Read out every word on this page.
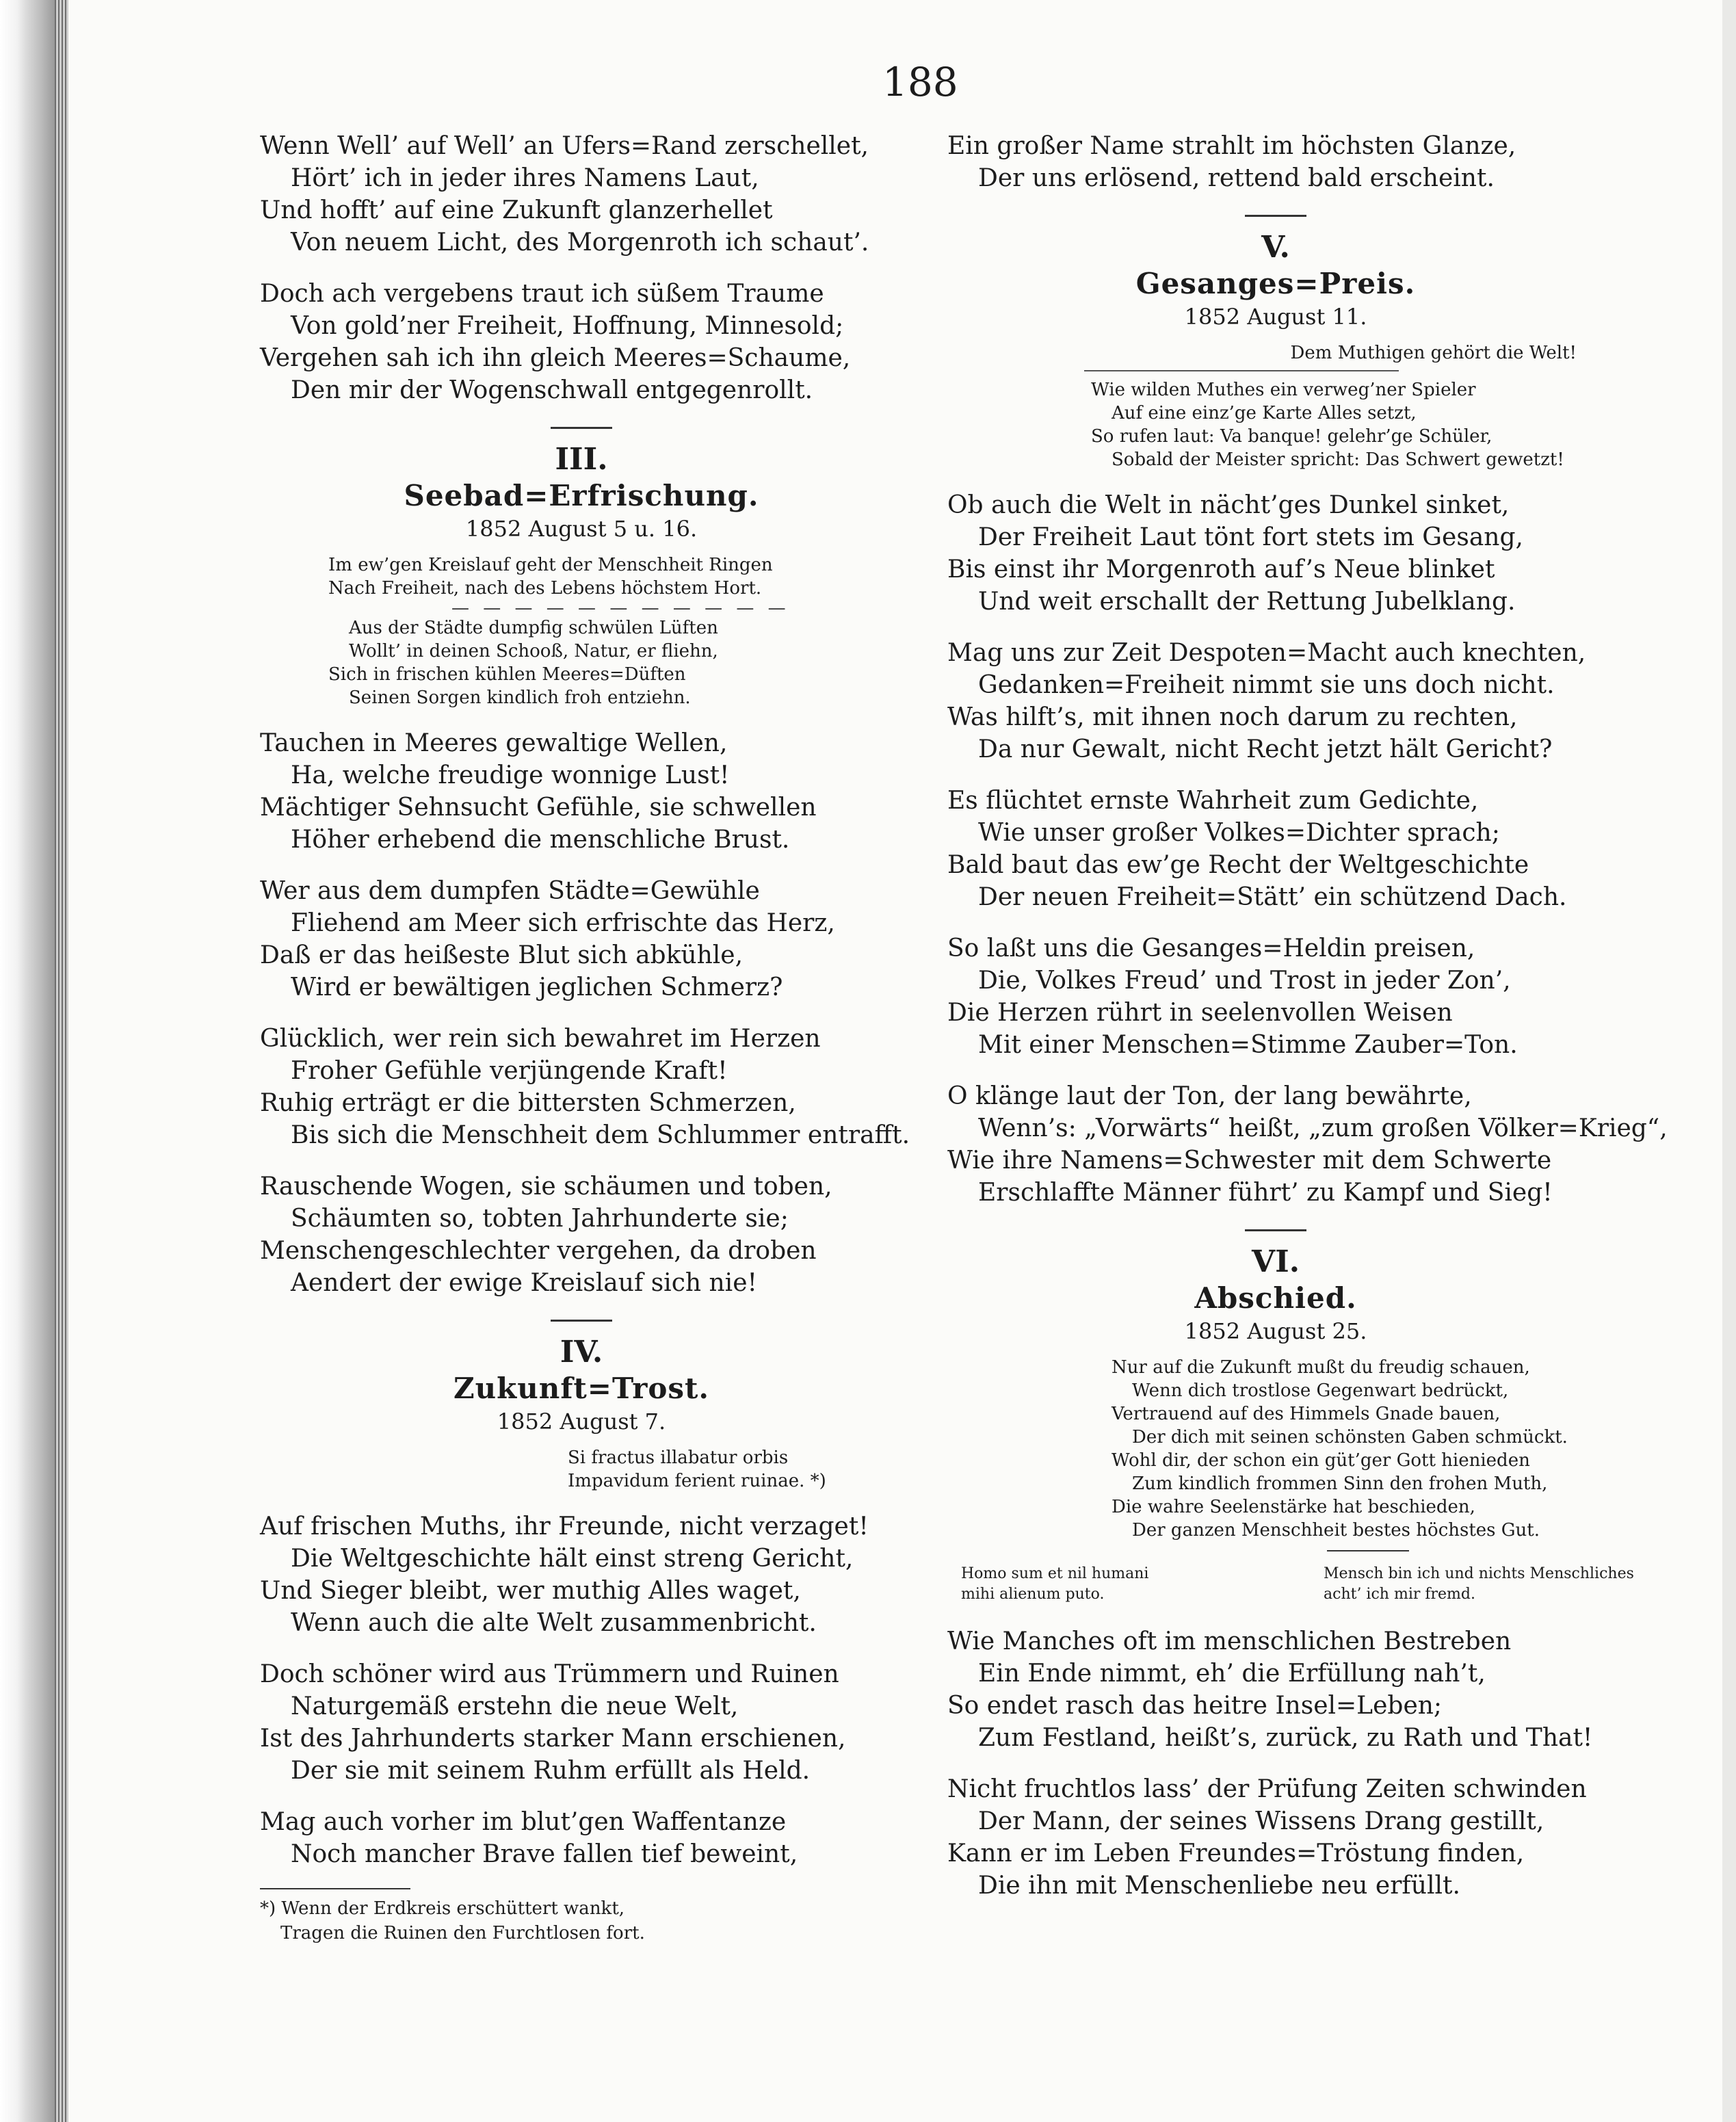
188
Wenn Well’ auf Well’ an Ufers=Rand zerschellet,
Hört’ ich in jeder ihres Namens Laut,
Und hofft’ auf eine Zukunft glanzerhellet
Von neuem Licht, des Morgenroth ich schaut’.
Doch ach vergebens traut ich süßem Traume
Von gold’ner Freiheit, Hoffnung, Minnesold;
Vergehen sah ich ihn gleich Meeres=Schaume,
Den mir der Wogenschwall entgegenrollt.
III.
Seebad=Erfrischung.
1852 August 5 u. 16.
Im ew’gen Kreislauf geht der Menschheit Ringen
Nach Freiheit, nach des Lebens höchstem Hort.
— — — — — — — — — — —
Aus der Städte dumpfig schwülen Lüften
Wollt’ in deinen Schooß, Natur, er fliehn,
Sich in frischen kühlen Meeres=Düften
Seinen Sorgen kindlich froh entziehn.
Tauchen in Meeres gewaltige Wellen,
Ha, welche freudige wonnige Lust!
Mächtiger Sehnsucht Gefühle, sie schwellen
Höher erhebend die menschliche Brust.
Wer aus dem dumpfen Städte=Gewühle
Fliehend am Meer sich erfrischte das Herz,
Daß er das heißeste Blut sich abkühle,
Wird er bewältigen jeglichen Schmerz?
Glücklich, wer rein sich bewahret im Herzen
Froher Gefühle verjüngende Kraft!
Ruhig erträgt er die bittersten Schmerzen,
Bis sich die Menschheit dem Schlummer entrafft.
Rauschende Wogen, sie schäumen und toben,
Schäumten so, tobten Jahrhunderte sie;
Menschengeschlechter vergehen, da droben
Aendert der ewige Kreislauf sich nie!
IV.
Zukunft=Trost.
1852 August 7.
Si fractus illabatur orbis
Impavidum ferient ruinae. *)
Auf frischen Muths, ihr Freunde, nicht verzaget!
Die Weltgeschichte hält einst streng Gericht,
Und Sieger bleibt, wer muthig Alles waget,
Wenn auch die alte Welt zusammenbricht.
Doch schöner wird aus Trümmern und Ruinen
Naturgemäß erstehn die neue Welt,
Ist des Jahrhunderts starker Mann erschienen,
Der sie mit seinem Ruhm erfüllt als Held.
Mag auch vorher im blut’gen Waffentanze
Noch mancher Brave fallen tief beweint,
*) Wenn der Erdkreis erschüttert wankt,
Tragen die Ruinen den Furchtlosen fort.
Ein großer Name strahlt im höchsten Glanze,
Der uns erlösend, rettend bald erscheint.
V.
Gesanges=Preis.
1852 August 11.
Dem Muthigen gehört die Welt!
Wie wilden Muthes ein verweg’ner Spieler
Auf eine einz’ge Karte Alles setzt,
So rufen laut: Va banque! gelehr’ge Schüler,
Sobald der Meister spricht: Das Schwert gewetzt!
Ob auch die Welt in nächt’ges Dunkel sinket,
Der Freiheit Laut tönt fort stets im Gesang,
Bis einst ihr Morgenroth auf’s Neue blinket
Und weit erschallt der Rettung Jubelklang.
Mag uns zur Zeit Despoten=Macht auch knechten,
Gedanken=Freiheit nimmt sie uns doch nicht.
Was hilft’s, mit ihnen noch darum zu rechten,
Da nur Gewalt, nicht Recht jetzt hält Gericht?
Es flüchtet ernste Wahrheit zum Gedichte,
Wie unser großer Volkes=Dichter sprach;
Bald baut das ew’ge Recht der Weltgeschichte
Der neuen Freiheit=Stätt’ ein schützend Dach.
So laßt uns die Gesanges=Heldin preisen,
Die, Volkes Freud’ und Trost in jeder Zon’,
Die Herzen rührt in seelenvollen Weisen
Mit einer Menschen=Stimme Zauber=Ton.
O klänge laut der Ton, der lang bewährte,
Wenn’s: „Vorwärts“ heißt, „zum großen Völker=Krieg“,
Wie ihre Namens=Schwester mit dem Schwerte
Erschlaffte Männer führt’ zu Kampf und Sieg!
VI.
Abschied.
1852 August 25.
Nur auf die Zukunft mußt du freudig schauen,
Wenn dich trostlose Gegenwart bedrückt,
Vertrauend auf des Himmels Gnade bauen,
Der dich mit seinen schönsten Gaben schmückt.
Wohl dir, der schon ein güt’ger Gott hienieden
Zum kindlich frommen Sinn den frohen Muth,
Die wahre Seelenstärke hat beschieden,
Der ganzen Menschheit bestes höchstes Gut.
Homo sum et nil humani
mihi alienum puto.
Mensch bin ich und nichts Menschliches
acht’ ich mir fremd.
Wie Manches oft im menschlichen Bestreben
Ein Ende nimmt, eh’ die Erfüllung nah’t,
So endet rasch das heitre Insel=Leben;
Zum Festland, heißt’s, zurück, zu Rath und That!
Nicht fruchtlos lass’ der Prüfung Zeiten schwinden
Der Mann, der seines Wissens Drang gestillt,
Kann er im Leben Freundes=Tröstung finden,
Die ihn mit Menschenliebe neu erfüllt.
